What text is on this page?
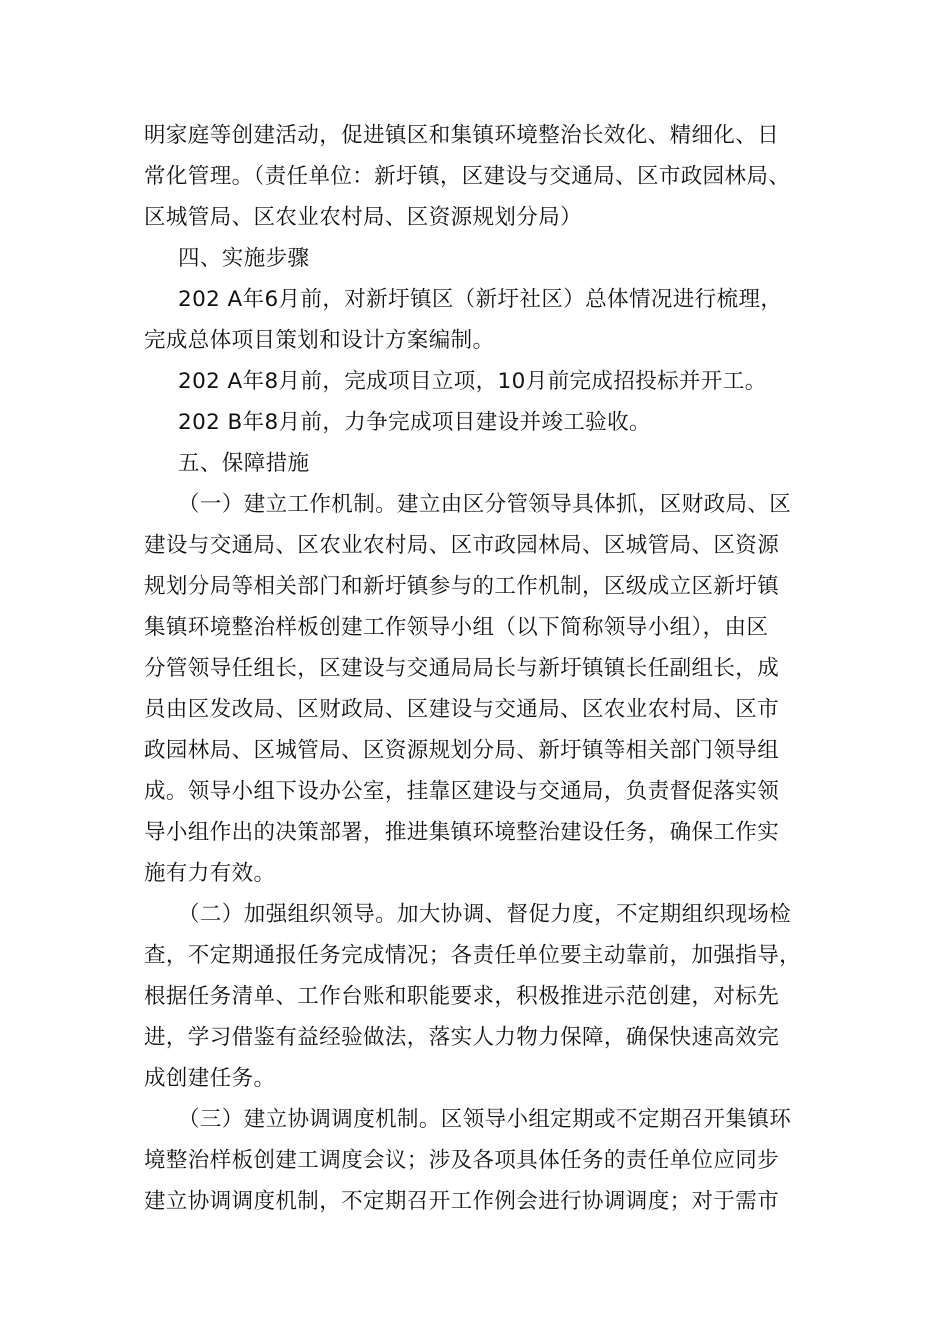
明家庭等创建活动，促进镇区和集镇环境整治长效化、精细化、日
常化管理。（责任单位：新圩镇，区建设与交通局、区市政园林局、
区城管局、区农业农村局、区资源规划分局）
四、实施步骤
202 A年6月前，对新圩镇区（新圩社区）总体情况进行梳理，
完成总体项目策划和设计方案编制。
202 A年8月前，完成项目立项，10月前完成招投标并开工。
202 B年8月前，力争完成项目建设并竣工验收。
五、保障措施
（一）建立工作机制。建立由区分管领导具体抓，区财政局、区
建设与交通局、区农业农村局、区市政园林局、区城管局、区资源
规划分局等相关部门和新圩镇参与的工作机制，区级成立区新圩镇
集镇环境整治样板创建工作领导小组（以下简称领导小组），由区
分管领导任组长，区建设与交通局局长与新圩镇镇长任副组长，成
员由区发改局、区财政局、区建设与交通局、区农业农村局、区市
政园林局、区城管局、区资源规划分局、新圩镇等相关部门领导组
成。领导小组下设办公室，挂靠区建设与交通局，负责督促落实领
导小组作出的决策部署，推进集镇环境整治建设任务，确保工作实
施有力有效。
（二）加强组织领导。加大协调、督促力度，不定期组织现场检
查，不定期通报任务完成情况；各责任单位要主动靠前，加强指导，
根据任务清单、工作台账和职能要求，积极推进示范创建，对标先
进，学习借鉴有益经验做法，落实人力物力保障，确保快速高效完
成创建任务。
（三）建立协调调度机制。区领导小组定期或不定期召开集镇环
境整治样板创建工调度会议；涉及各项具体任务的责任单位应同步
建立协调调度机制，不定期召开工作例会进行协调调度；对于需市
